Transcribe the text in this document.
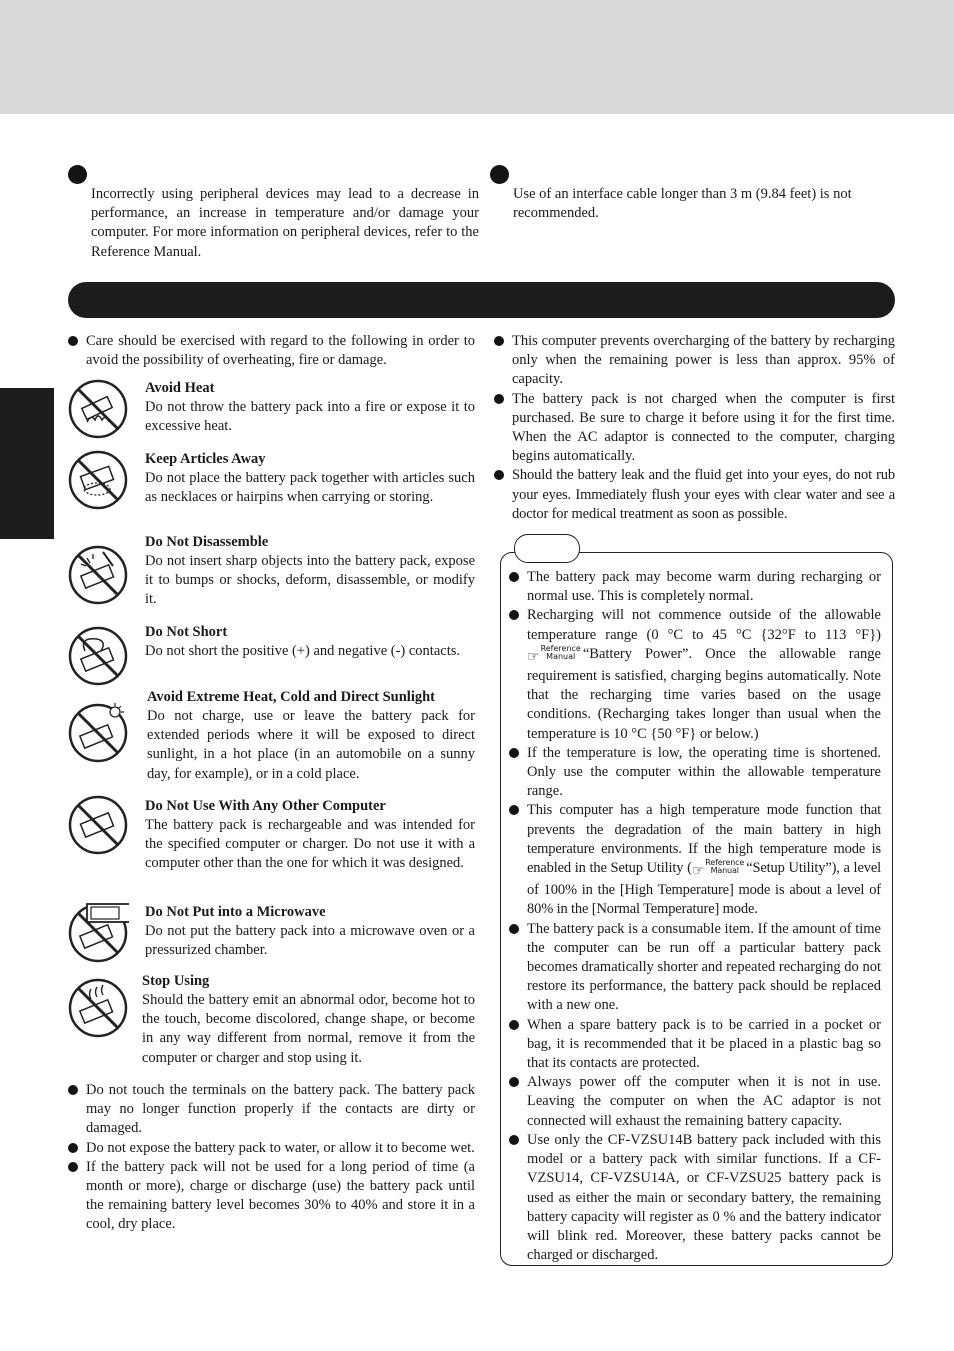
Incorrectly using peripheral devices may lead to a decrease in performance, an increase in temperature and/or damage your computer. For more information on peripheral devices, refer to the Reference Manual.

Use of an interface cable longer than 3 m (9.84 feet) is not recommended.

Care should be exercised with regard to the following in order to avoid the possibility of overheating, fire or damage.
Avoid Heat
Do not throw the battery pack into a fire or expose it to excessive heat.
Keep Articles Away
Do not place the battery pack together with articles such as necklaces or hairpins when carrying or storing.
Do Not Disassemble
Do not insert sharp objects into the battery pack, expose it to bumps or shocks, deform, disassemble, or modify it.
Do Not Short
Do not short the positive (+) and negative (-) contacts.
Avoid Extreme Heat, Cold and Direct Sunlight
Do not charge, use or leave the battery pack for extended periods where it will be exposed to direct sunlight, in a hot place (in an automobile on a sunny day, for example), or in a cold place.
Do Not Use With Any Other Computer
The battery pack is rechargeable and was intended for the specified computer or charger. Do not use it with a computer other than the one for which it was designed.
Do Not Put into a Microwave
Do not put the battery pack into a microwave oven or a pressurized chamber.
Stop Using
Should the battery emit an abnormal odor, become hot to the touch, become discolored, change shape, or become in any way different from normal, remove it from the computer or charger and stop using it.
Do not touch the terminals on the battery pack. The battery pack may no longer function properly if the contacts are dirty or damaged.
Do not expose the battery pack to water, or allow it to become wet.
If the battery pack will not be used for a long period of time (a month or more), charge or discharge (use) the battery pack until the remaining battery level becomes 30% to 40% and store it in a cool, dry place.
This computer prevents overcharging of the battery by recharging only when the remaining power is less than approx. 95% of capacity.
The battery pack is not charged when the computer is first purchased. Be sure to charge it before using it for the first time. When the AC adaptor is connected to the computer, charging begins automatically.
Should the battery leak and the fluid get into your eyes, do not rub your eyes. Immediately flush your eyes with clear water and see a doctor for medical treatment as soon as possible.
The battery pack may become warm during recharging or normal use. This is completely normal.
Recharging will not commence outside of the allowable temperature range (0 °C to 45 °C {32°F to 113 °F}) ☞Reference
Manual “Battery Power”. Once the allowable range requirement is satisfied, charging begins automatically. Note that the recharging time varies based on the usage conditions. (Recharging takes longer than usual when the temperature is 10 °C {50 °F} or below.)
If the temperature is low, the operating time is shortened. Only use the computer within the allowable temperature range.
This computer has a high temperature mode function that prevents the degradation of the main battery in high temperature environments. If the high temperature mode is enabled in the Setup Utility (☞Reference
Manual “Setup Utility”), a level of 100% in the [High Temperature] mode is about a level of 80% in the [Normal Temperature] mode.
The battery pack is a consumable item. If the amount of time the computer can be run off a particular battery pack becomes dramatically shorter and repeated recharging do not restore its performance, the battery pack should be replaced with a new one.
When a spare battery pack is to be carried in a pocket or bag, it is recommended that it be placed in a plastic bag so that its contacts are protected.
Always power off the computer when it is not in use. Leaving the computer on when the AC adaptor is not connected will exhaust the remaining battery capacity.
Use only the CF-VZSU14B battery pack included with this model or a battery pack with similar functions. If a CF-VZSU14, CF-VZSU14A, or CF-VZSU25 battery pack is used as either the main or secondary battery, the remaining battery capacity will register as 0 % and the battery indicator will blink red. Moreover, these battery packs cannot be charged or discharged.
